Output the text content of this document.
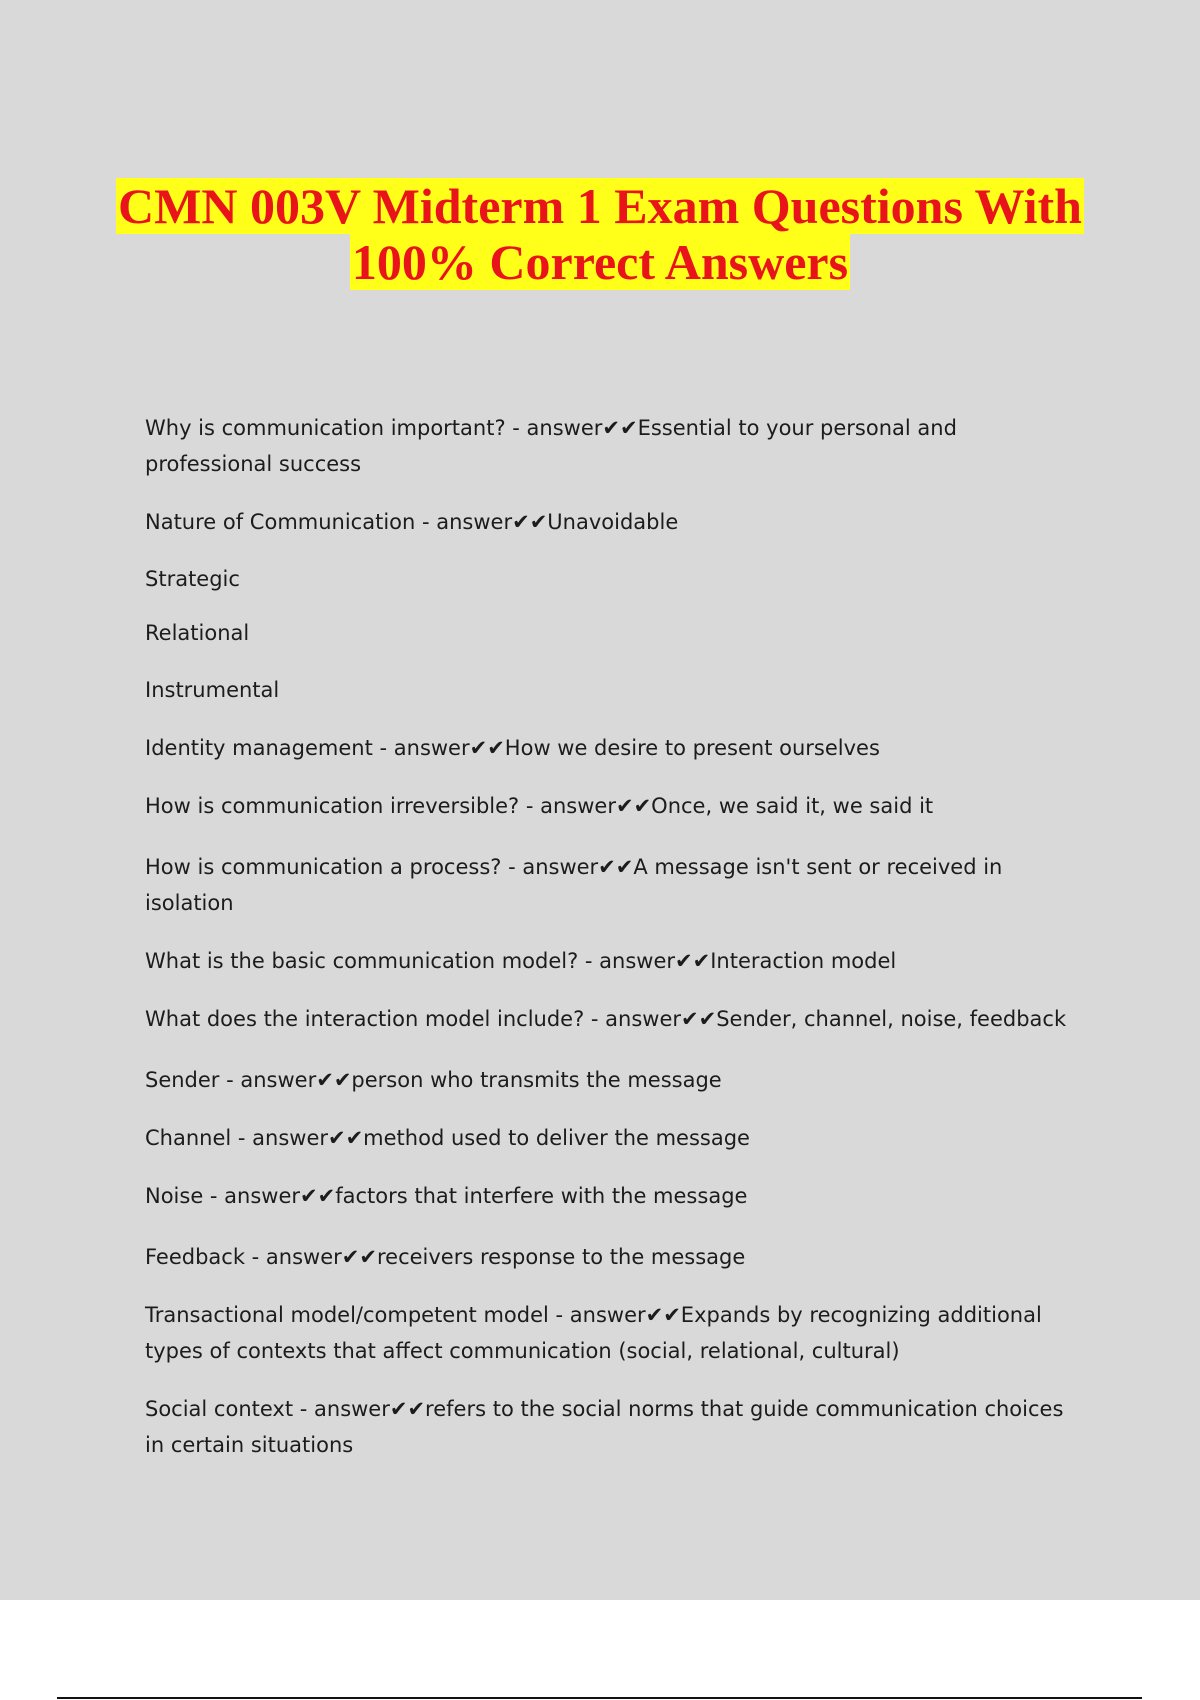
CMN 003V Midterm 1 Exam Questions With
100% Correct Answers

Why is communication important? - answer✔✔Essential to your personal and professional success

Nature of Communication - answer✔✔Unavoidable

Strategic

Relational

Instrumental

Identity management - answer✔✔How we desire to present ourselves

How is communication irreversible? - answer✔✔Once, we said it, we said it

How is communication a process? - answer✔✔A message isn't sent or received in isolation

What is the basic communication model? - answer✔✔Interaction model

What does the interaction model include? - answer✔✔Sender, channel, noise, feedback

Sender - answer✔✔person who transmits the message

Channel - answer✔✔method used to deliver the message

Noise - answer✔✔factors that interfere with the message

Feedback - answer✔✔receivers response to the message

Transactional model/competent model - answer✔✔Expands by recognizing additional types of contexts that affect communication (social, relational, cultural)

Social context - answer✔✔refers to the social norms that guide communication choices in certain situations
